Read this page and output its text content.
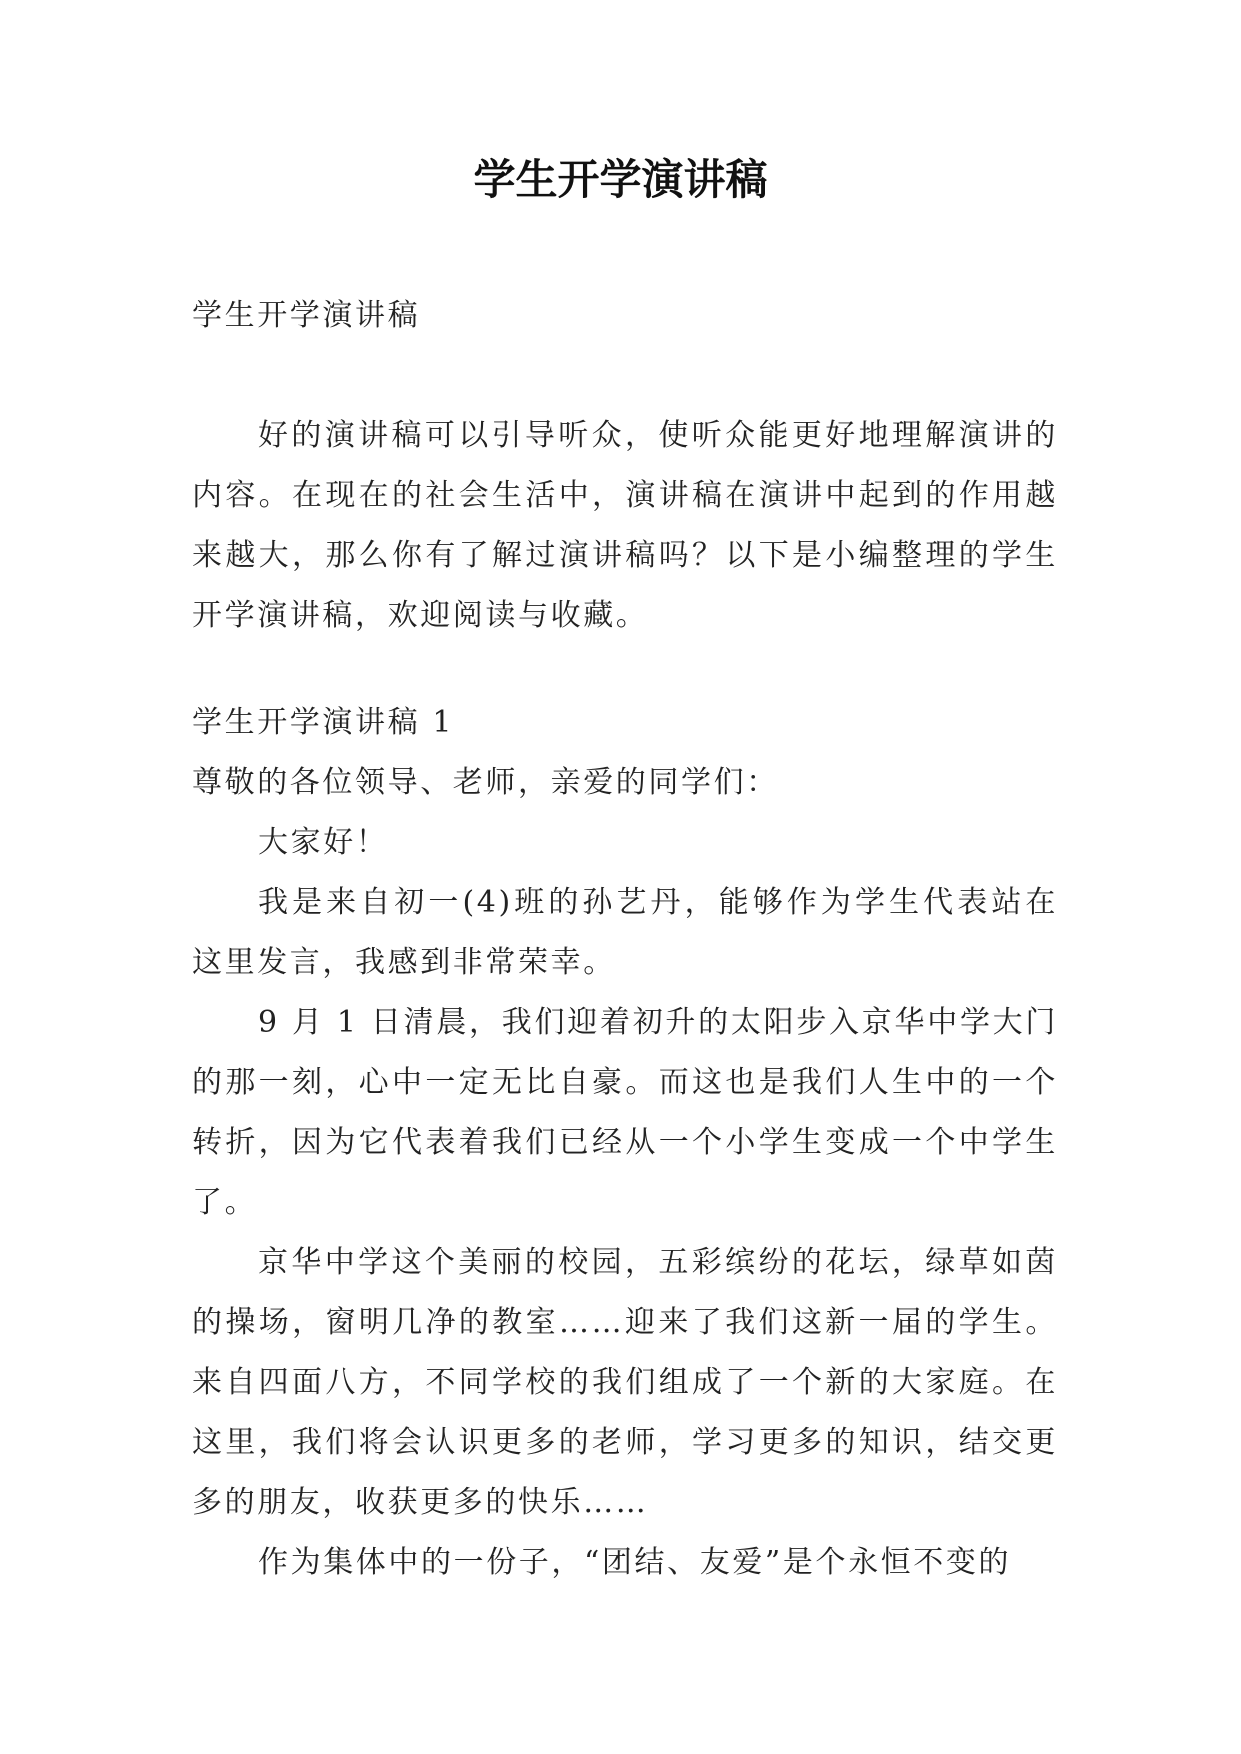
学生开学演讲稿

学生开学演讲稿

好的演讲稿可以引导听众，使听众能更好地理解演讲的内容。在现在的社会生活中，演讲稿在演讲中起到的作用越来越大，那么你有了解过演讲稿吗？以下是小编整理的学生开学演讲稿，欢迎阅读与收藏。

学生开学演讲稿 1

尊敬的各位领导、老师，亲爱的同学们：

大家好！

我是来自初一(4)班的孙艺丹，能够作为学生代表站在这里发言，我感到非常荣幸。

9 月 1 日清晨，我们迎着初升的太阳步入京华中学大门的那一刻，心中一定无比自豪。而这也是我们人生中的一个转折，因为它代表着我们已经从一个小学生变成一个中学生了。

京华中学这个美丽的校园，五彩缤纷的花坛，绿草如茵的操场，窗明几净的教室……迎来了我们这新一届的学生。来自四面八方，不同学校的我们组成了一个新的大家庭。在这里，我们将会认识更多的老师，学习更多的知识，结交更多的朋友，收获更多的快乐……

作为集体中的一份子，“团结、友爱”是个永恒不变的
